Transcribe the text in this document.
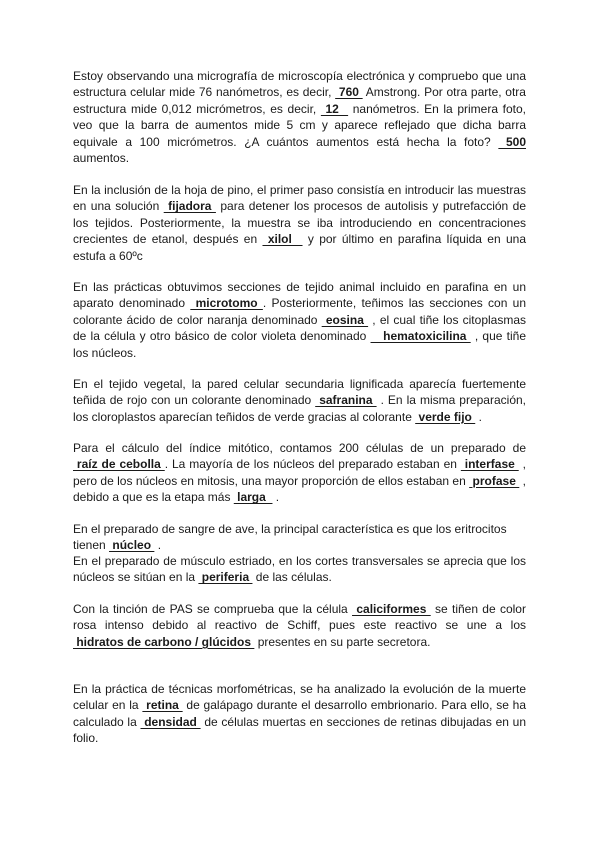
Estoy observando una micrografía de microscopía electrónica y compruebo que una estructura celular mide 76 nanómetros, es decir,  760  Amstrong. Por otra parte, otra estructura mide 0,012 micrómetros, es decir,  12   nanómetros. En la primera foto, veo que la barra de aumentos mide 5 cm y aparece reflejado que dicha barra equivale a 100 micrómetros. ¿A cuántos aumentos está hecha la foto?  500 aumentos.

En la inclusión de la hoja de pino, el primer paso consistía en introducir las muestras en una solución  fijadora  para detener los procesos de autolisis y putrefacción de los tejidos. Posteriormente, la muestra se iba introduciendo en concentraciones crecientes de etanol, después en  xilol   y por último en parafina líquida en una estufa a 60ºc

En las prácticas obtuvimos secciones de tejido animal incluido en parafina en un aparato denominado  microtomo . Posteriormente, teñimos las secciones con un colorante ácido de color naranja denominado  eosina  , el cual tiñe los citoplasmas de la célula y otro básico de color violeta denominado    hematoxicilina  , que tiñe los núcleos.

En el tejido vegetal, la pared celular secundaria lignificada aparecía fuertemente teñida de rojo con un colorante denominado  safranina  . En la misma preparación, los cloroplastos aparecían teñidos de verde gracias al colorante  verde fijo  .

Para el cálculo del índice mitótico, contamos 200 células de un preparado de  raíz de cebolla . La mayoría de los núcleos del preparado estaban en  interfase  , pero de los núcleos en mitosis, una mayor proporción de ellos estaban en  profase  , debido a que es la etapa más  larga   .

En el preparado de sangre de ave, la principal característica es que los eritrocitos tienen  núcleo  .

En el preparado de músculo estriado, en los cortes transversales se aprecia que los núcleos se sitúan en la  periferia  de las células.

Con la tinción de PAS se comprueba que la célula  caliciformes  se tiñen de color rosa intenso debido al reactivo de Schiff, pues este reactivo se une a los  hidratos de carbono / glúcidos  presentes en su parte secretora.

En la práctica de técnicas morfométricas, se ha analizado la evolución de la muerte celular en la  retina  de galápago durante el desarrollo embrionario. Para ello, se ha calculado la  densidad  de células muertas en secciones de retinas dibujadas en un folio.
